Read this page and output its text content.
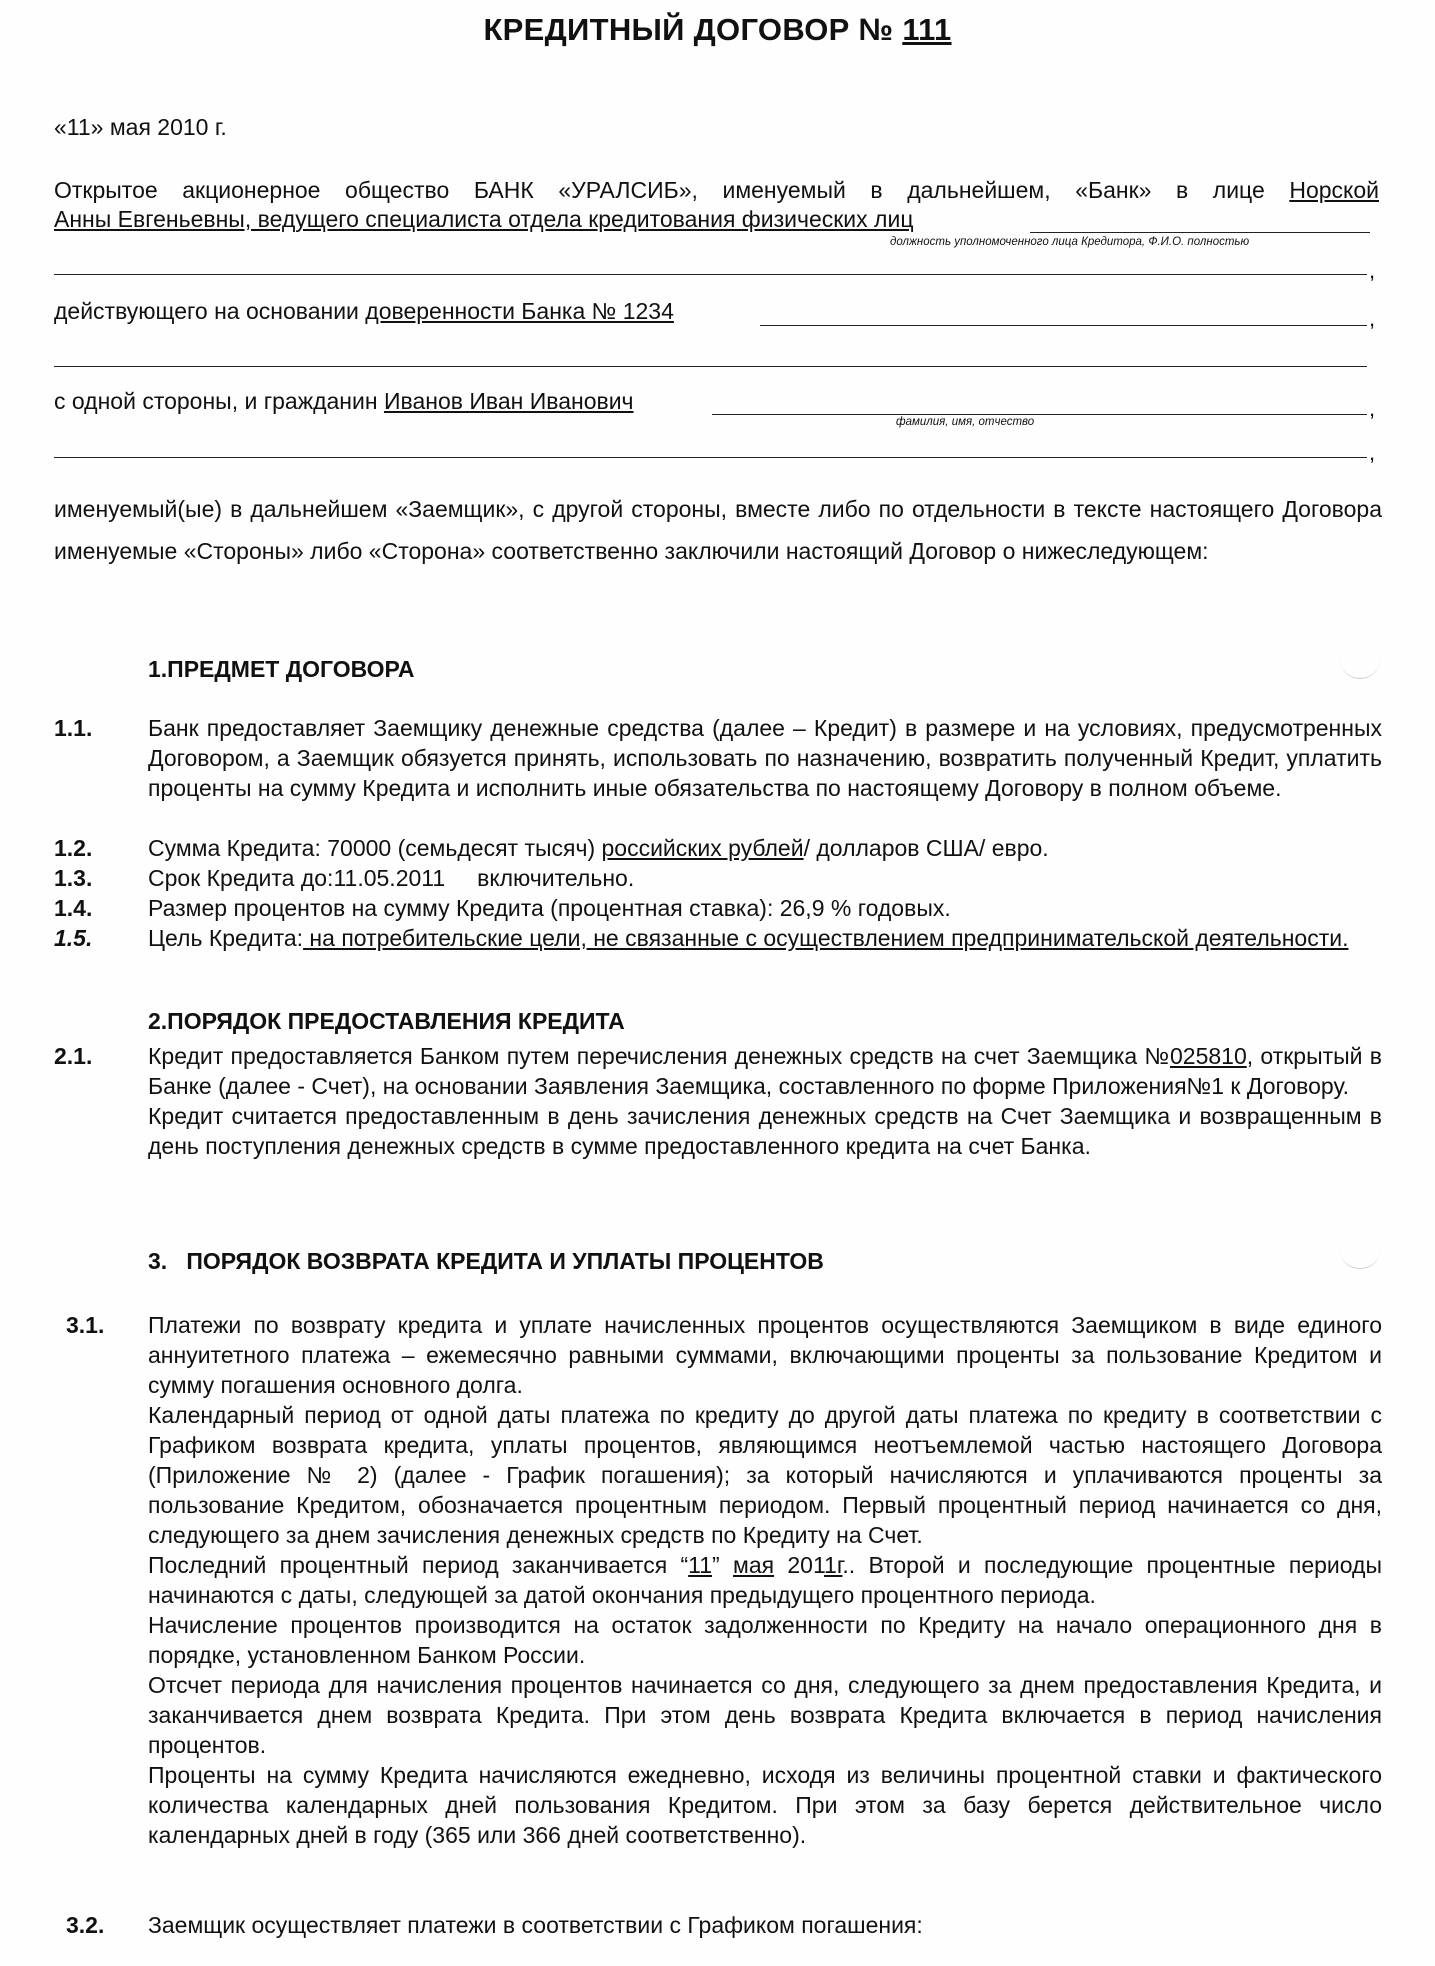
КРЕДИТНЫЙ ДОГОВОР № 111
«11» мая 2010 г.
Открытое акционерное общество БАНК «УРАЛСИБ», именуемый в дальнейшем, «Банк» в лице Норской
Анны Евгеньевны, ведущего специалиста отдела кредитования физических лиц
должность уполномоченного лица Кредитора, Ф.И.О. полностью
,
действующего на основании доверенности Банка № 1234	,
с одной стороны, и гражданин Иванов Иван Иванович	,
фамилия, имя, отчество
,
именуемый(ые) в дальнейшем «Заемщик», с другой стороны, вместе либо по отдельности в тексте настоящего Договора именуемые «Стороны» либо «Сторона» соответственно заключили настоящий Договор о нижеследующем:
1.ПРЕДМЕТ ДОГОВОРА
1.1.	Банк предоставляет Заемщику денежные средства (далее – Кредит) в размере и на условиях, предусмотренных Договором, а Заемщик обязуется принять, использовать по назначению, возвратить полученный Кредит, уплатить проценты на сумму Кредита и исполнить иные обязательства по настоящему Договору в полном объеме.
1.2.	Сумма Кредита: 70000 (семьдесят тысяч) российских рублей/ долларов США/ евро.
1.3.	Срок Кредита до:11.05.2011     включительно.
1.4.	Размер процентов на сумму Кредита (процентная ставка): 26,9 % годовых.
1.5.	Цель Кредита: на потребительские цели, не связанные с осуществлением предпринимательской деятельности.
2.ПОРЯДОК ПРЕДОСТАВЛЕНИЯ КРЕДИТА
2.1.	Кредит предоставляется Банком путем перечисления денежных средств на счет Заемщика №025810, открытый в Банке (далее - Счет), на основании Заявления Заемщика, составленного по форме Приложения№1 к Договору.

Кредит считается предоставленным в день зачисления денежных средств на Счет Заемщика и возвращенным в день поступления денежных средств в сумме предоставленного кредита на счет Банка.

3.   ПОРЯДОК ВОЗВРАТА КРЕДИТА И УПЛАТЫ ПРОЦЕНТОВ
3.1.	Платежи по возврату кредита и уплате начисленных процентов осуществляются Заемщиком в виде единого аннуитетного платежа – ежемесячно равными суммами, включающими проценты за пользование Кредитом и сумму погашения основного долга.

Календарный период от одной даты платежа по кредиту до другой даты платежа по кредиту в соответствии с Графиком возврата кредита, уплаты процентов, являющимся неотъемлемой частью настоящего Договора (Приложение № 2) (далее - График погашения); за который начисляются и уплачиваются проценты за пользование Кредитом, обозначается процентным периодом. Первый процентный период начинается со дня, следующего за днем зачисления денежных средств по Кредиту на Счет.

Последний процентный период заканчивается “11” мая 2011г.. Второй и последующие процентные периоды начинаются с даты, следующей за датой окончания предыдущего процентного периода.

Начисление процентов производится на остаток задолженности по Кредиту на начало операционного дня в порядке, установленном Банком России.

Отсчет периода для начисления процентов начинается со дня, следующего за днем предоставления Кредита, и заканчивается днем возврата Кредита. При этом день возврата Кредита включается в период начисления процентов.

Проценты на сумму Кредита начисляются ежедневно, исходя из величины процентной ставки и фактического количества календарных дней пользования Кредитом. При этом за базу берется действительное число календарных дней в году (365 или 366 дней соответственно).

3.2.	Заемщик осуществляет платежи в соответствии с Графиком погашения:
